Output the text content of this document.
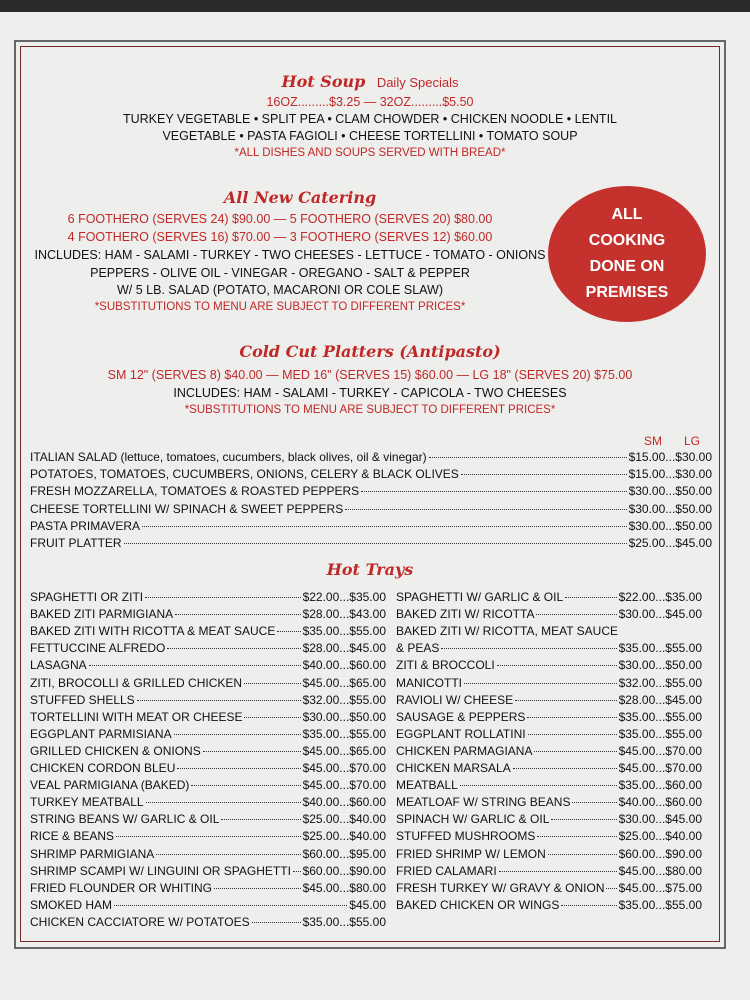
Hot Soup Daily Specials
16OZ.........$3.25 — 32OZ.........$5.50
TURKEY VEGETABLE • SPLIT PEA • CLAM CHOWDER • CHICKEN NOODLE • LENTIL
VEGETABLE • PASTA FAGIOLI • CHEESE TORTELLINI • TOMATO SOUP
*ALL DISHES AND SOUPS SERVED WITH BREAD*
All New Catering
6 FOOTHERO (SERVES 24) $90.00 — 5 FOOTHERO (SERVES 20) $80.00
4 FOOTHERO (SERVES 16) $70.00 — 3 FOOTHERO (SERVES 12) $60.00
INCLUDES: HAM - SALAMI - TURKEY - TWO CHEESES - LETTUCE - TOMATO - ONIONS
PEPPERS - OLIVE OIL - VINEGAR - OREGANO - SALT & PEPPER
W/ 5 LB. SALAD (POTATO, MACARONI OR COLE SLAW)
*SUBSTITUTIONS TO MENU ARE SUBJECT TO DIFFERENT PRICES*
ALL
COOKING
DONE ON
PREMISES
Cold Cut Platters (Antipasto)
SM 12" (SERVES 8) $40.00 — MED 16" (SERVES 15) $60.00 — LG 18" (SERVES 20) $75.00
INCLUDES: HAM - SALAMI - TURKEY - CAPICOLA - TWO CHEESES
*SUBSTITUTIONS TO MENU ARE SUBJECT TO DIFFERENT PRICES*
SM LG
ITALIAN SALAD (lettuce, tomatoes, cucumbers, black olives, oil & vinegar)	$15.00...$30.00
POTATOES, TOMATOES, CUCUMBERS, ONIONS, CELERY & BLACK OLIVES	$15.00...$30.00
FRESH MOZZARELLA, TOMATOES & ROASTED PEPPERS	$30.00...$50.00
CHEESE TORTELLINI W/ SPINACH & SWEET PEPPERS	$30.00...$50.00
PASTA PRIMAVERA	$30.00...$50.00
FRUIT PLATTER	$25.00...$45.00
Hot Trays
SPAGHETTI OR ZITI	$22.00...$35.00
BAKED ZITI PARMIGIANA	$28.00...$43.00
BAKED ZITI WITH RICOTTA & MEAT SAUCE $35.00...$55.00
FETTUCCINE ALFREDO	$28.00...$45.00
LASAGNA	$40.00...$60.00
ZITI, BROCOLLI & GRILLED CHICKEN	$45.00...$65.00
STUFFED SHELLS	$32.00...$55.00
TORTELLINI WITH MEAT OR CHEESE	$30.00...$50.00
EGGPLANT PARMISIANA	$35.00...$55.00
GRILLED CHICKEN & ONIONS	$45.00...$65.00
CHICKEN CORDON BLEU	$45.00...$70.00
VEAL PARMIGIANA (BAKED)	$45.00...$70.00
TURKEY MEATBALL	$40.00...$60.00
STRING BEANS W/ GARLIC & OIL	$25.00...$40.00
RICE & BEANS	$25.00...$40.00
SHRIMP PARMIGIANA	$60.00...$95.00
SHRIMP SCAMPI W/ LINGUINI OR SPAGHETTI $60.00...$90.00
FRIED FLOUNDER OR WHITING	$45.00...$80.00
SMOKED HAM	$45.00
CHICKEN CACCIATORE W/ POTATOES	$35.00...$55.00
SPAGHETTI W/ GARLIC & OIL	$22.00...$35.00
BAKED ZITI W/ RICOTTA	$30.00...$45.00
BAKED ZITI W/ RICOTTA, MEAT SAUCE
& PEAS	$35.00...$55.00
ZITI & BROCCOLI	$30.00...$50.00
MANICOTTI	$32.00...$55.00
RAVIOLI W/ CHEESE	$28.00...$45.00
SAUSAGE & PEPPERS	$35.00...$55.00
EGGPLANT ROLLATINI	$35.00...$55.00
CHICKEN PARMAGIANA	$45.00...$70.00
CHICKEN MARSALA	$45.00...$70.00
MEATBALL	$35.00...$60.00
MEATLOAF W/ STRING BEANS	$40.00...$60.00
SPINACH W/ GARLIC & OIL	$30.00...$45.00
STUFFED MUSHROOMS	$25.00...$40.00
FRIED SHRIMP W/ LEMON	$60.00...$90.00
FRIED CALAMARI	$45.00...$80.00
FRESH TURKEY W/ GRAVY & ONION $45.00...$75.00
BAKED CHICKEN OR WINGS	$35.00...$55.00
